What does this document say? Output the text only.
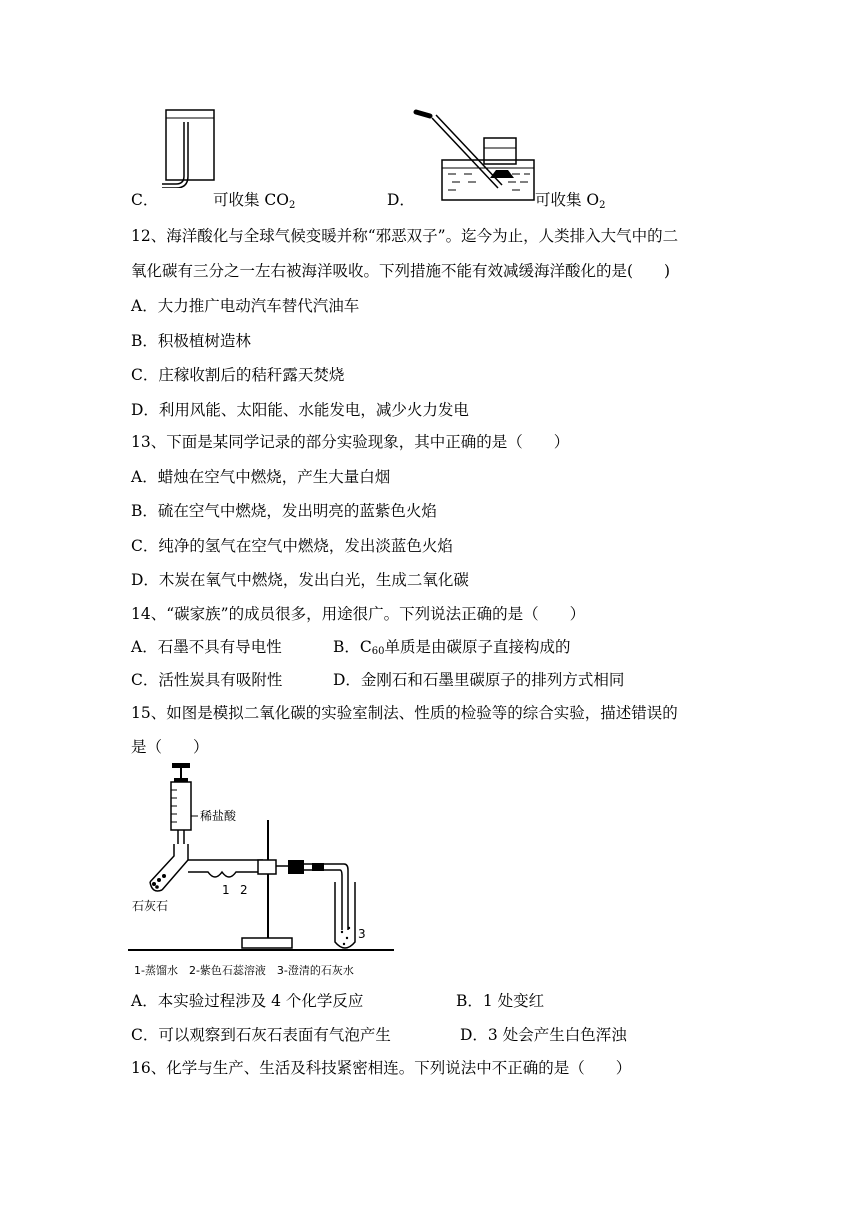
C．	可收集 $CO_2$	D．	可收集 $O_2$
12、海洋酸化与全球气候变暖并称“邪恶双子”。迄今为止，人类排入大气中的二
氧化碳有三分之一左右被海洋吸收。下列措施不能有效减缓海洋酸化的是(　　)
A．大力推广电动汽车替代汽油车
B．积极植树造林
C．庄稼收割后的秸秆露天焚烧
D．利用风能、太阳能、水能发电，减少火力发电
13、下面是某同学记录的部分实验现象，其中正确的是（　　）
A．蜡烛在空气中燃烧，产生大量白烟
B．硫在空气中燃烧，发出明亮的蓝紫色火焰
C．纯净的氢气在空气中燃烧，发出淡蓝色火焰
D．木炭在氧气中燃烧，发出白光，生成二氧化碳
14、“碳家族”的成员很多，用途很广。下列说法正确的是（　　）
A．石墨不具有导电性	B．$C_{60}$单质是由碳原子直接构成的
C．活性炭具有吸附性	D．金刚石和石墨里碳原子的排列方式相同
15、如图是模拟二氧化碳的实验室制法、性质的检验等的综合实验，描述错误的
是（　　）
稀盐酸
石灰石
1 2
3
1-蒸馏水　2-紫色石蕊溶液　3-澄清的石灰水
A．本实验过程涉及 4 个化学反应	B．1 处变红
C．可以观察到石灰石表面有气泡产生	D．3 处会产生白色浑浊
16、化学与生产、生活及科技紧密相连。下列说法中不正确的是（　　）
